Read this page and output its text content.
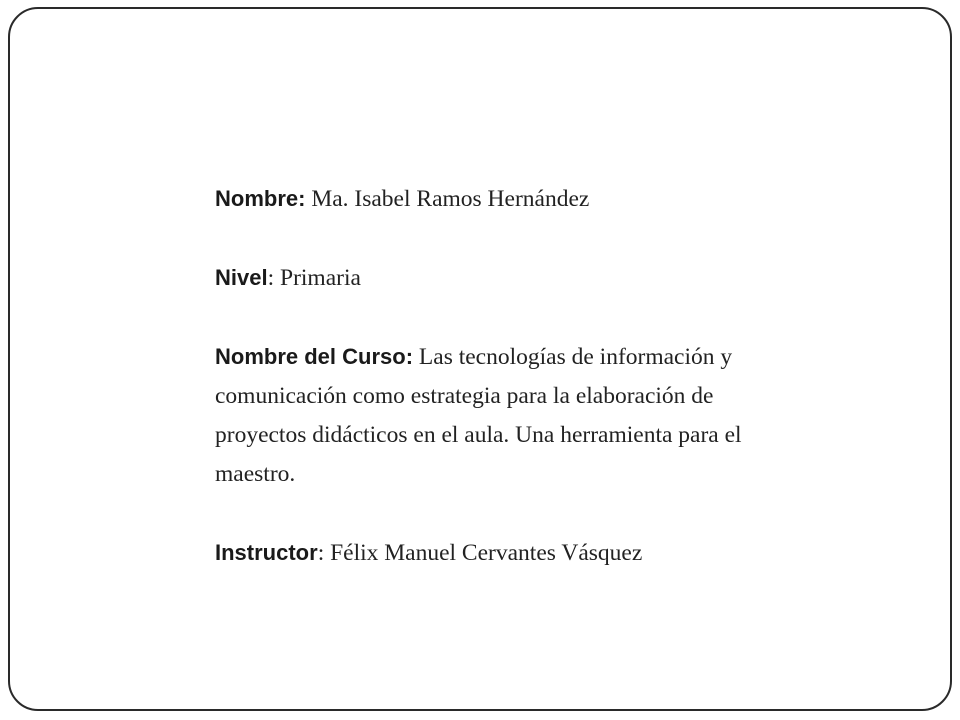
Nombre: Ma. Isabel Ramos Hernández

Nivel: Primaria

Nombre del Curso: Las tecnologías de información y comunicación como estrategia para la elaboración de proyectos didácticos en el aula. Una herramienta para el maestro.

Instructor: Félix Manuel Cervantes Vásquez
